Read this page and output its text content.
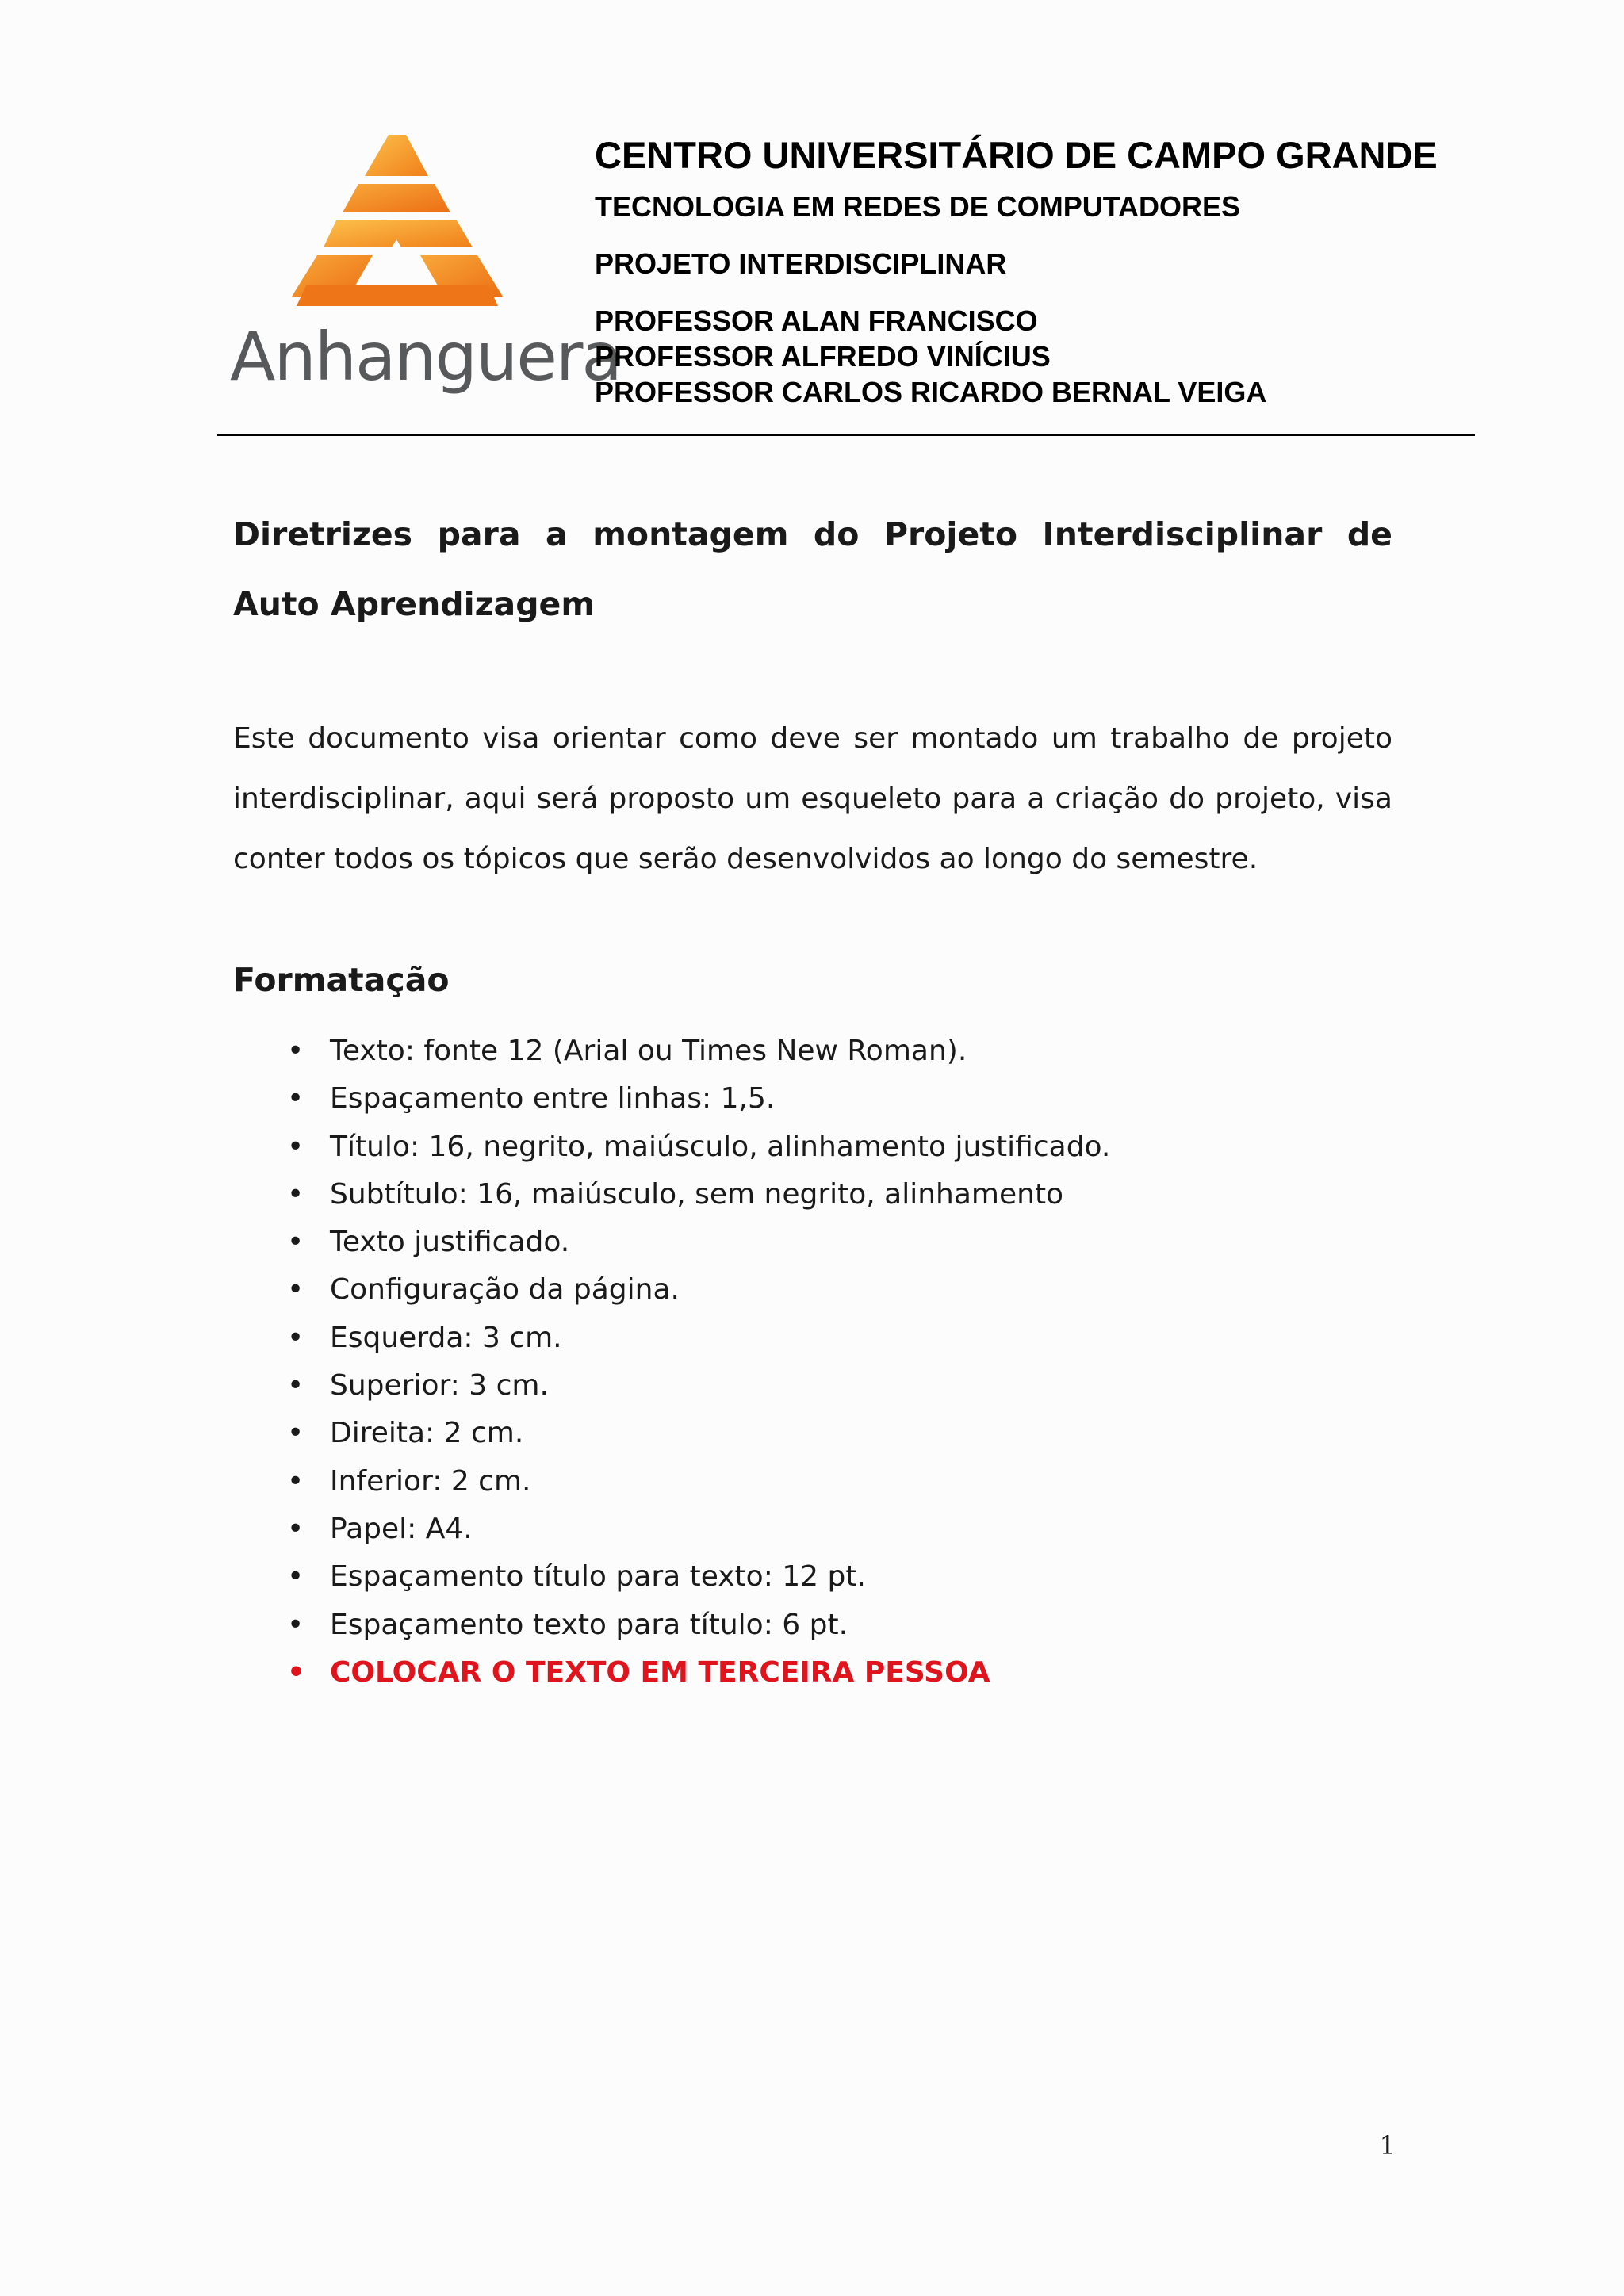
Anhanguera
CENTRO UNIVERSITÁRIO DE CAMPO GRANDE
TECNOLOGIA EM REDES DE COMPUTADORES
PROJETO INTERDISCIPLINAR
PROFESSOR ALAN FRANCISCO
PROFESSOR ALFREDO VINÍCIUS
PROFESSOR CARLOS RICARDO BERNAL VEIGA
Diretrizes para a montagem do Projeto Interdisciplinar de Auto Aprendizagem
Este documento visa orientar como deve ser montado um trabalho de projeto interdisciplinar, aqui será proposto um esqueleto para a criação do projeto, visa conter todos os tópicos que serão desenvolvidos ao longo do semestre.
Formatação
• Texto: fonte 12 (Arial ou Times New Roman).
• Espaçamento entre linhas: 1,5.
• Título: 16, negrito, maiúsculo, alinhamento justificado.
• Subtítulo: 16, maiúsculo, sem negrito, alinhamento
• Texto justificado.
• Configuração da página.
• Esquerda: 3 cm.
• Superior: 3 cm.
• Direita: 2 cm.
• Inferior: 2 cm.
• Papel: A4.
• Espaçamento título para texto: 12 pt.
• Espaçamento texto para título: 6 pt.
• COLOCAR O TEXTO EM TERCEIRA PESSOA
1
